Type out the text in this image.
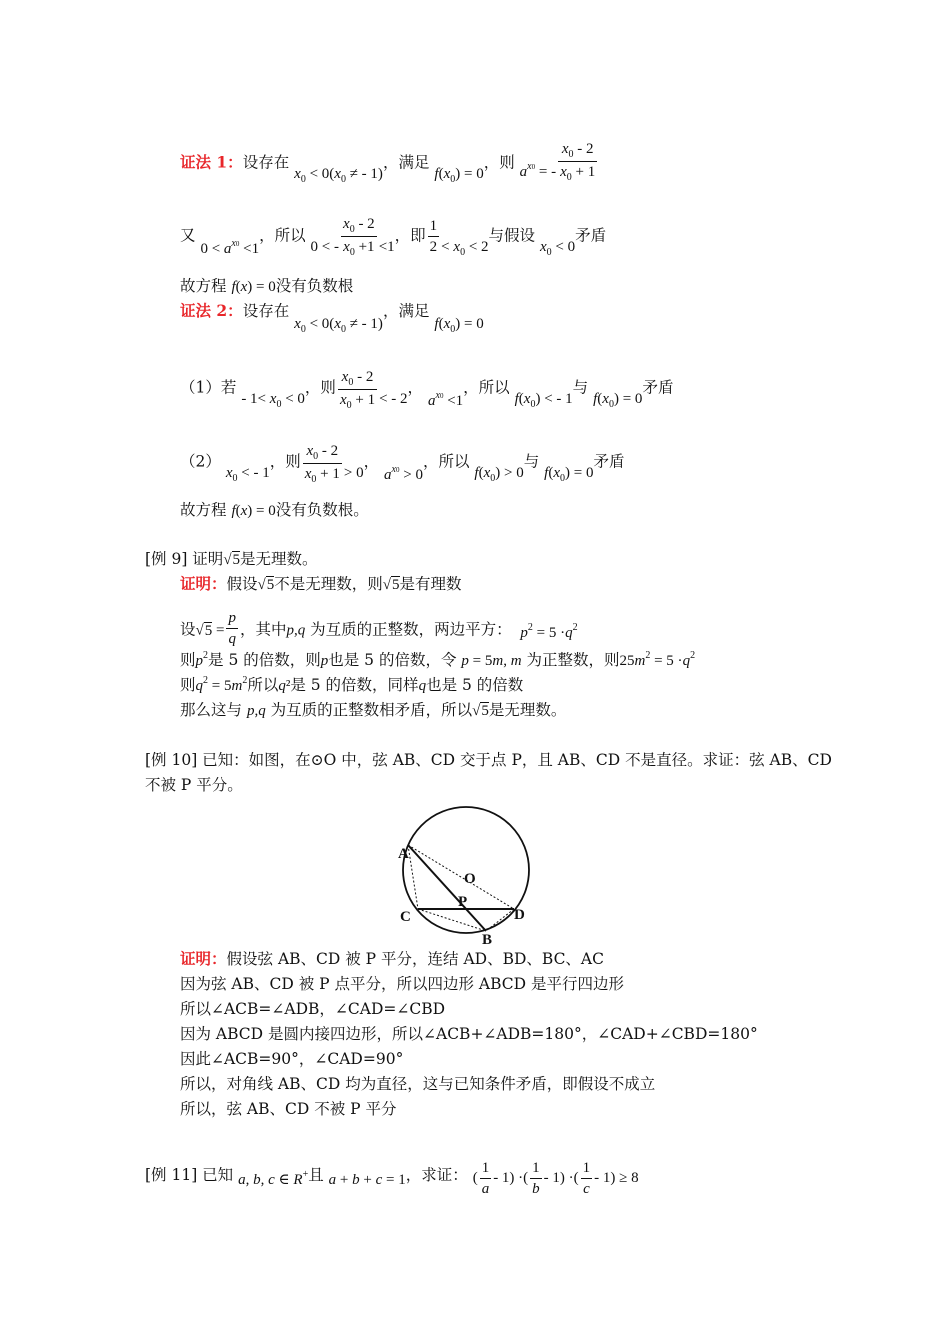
证法 1：设存在 $x_0 < 0(x_0$ ≠ - 1)，满足 $f(x_0) = 0$，则 $a^{x0}$ = - $\frac{x_0 - 2}{x_0 + 1}$
又 $0 < a^{x0} <1$，所以 0 < - $\frac{x_0 - 2}{x_0 +1} <1$，即 $\frac{1}{2} < x_0 < 2$与假设 $x_0 < 0$矛盾
故方程 f(x) = 0没有负数根
证法 2：设存在 $x_0 < 0(x_0$ ≠ - 1)，满足 $f(x_0) = 0$
（1）若 - $1< x_0 < 0$，则 $\frac{x_0 - 2}{x_0 + 1}$ < - 2， $a^{x0} <1$，所以 $f(x_0)$ < - 1与 $f(x_0) = 0$矛盾
（2） $x_0$ < - 1，则 $\frac{x_0 - 2}{x_0 + 1} > 0$， $a^{x0} > 0$，所以 $f(x_0) > 0$与 $f(x_0) = 0$矛盾
故方程 f(x) = 0没有负数根。
[例 9] 证明√5是无理数。
证明：假设√5不是无理数，则√5是有理数
设$√5 = \frac{p}{q}$ ，其中p,q 为互质的正整数，两边平方： $p^2 = 5 \cdot q^2$
则$p^2$是 5 的倍数，则p也是 5 的倍数，令 p = 5m, m 为正整数，则$25m^2 = 5 \cdot q^2$
则$q^2 = 5m^2$所以q²是 5 的倍数，同样q也是 5 的倍数
那么这与 p,q 为互质的正整数相矛盾，所以√5是无理数。
[例 10] 已知：如图，在⊙O 中，弦 AB、CD 交于点 P，且 AB、CD 不是直径。求证：弦 AB、CD
不被 P 平分。
A
O
P
C	D
B
证明：假设弦 AB、CD 被 P 平分，连结 AD、BD、BC、AC
因为弦 AB、CD 被 P 点平分，所以四边形 ABCD 是平行四边形
所以∠ACB=∠ADB，∠CAD=∠CBD
因为 ABCD 是圆内接四边形，所以∠ACB+∠ADB=180°，∠CAD+∠CBD=180°
因此∠ACB=90°，∠CAD=90°
所以，对角线 AB、CD 均为直径，这与已知条件矛盾，即假设不成立
所以，弦 AB、CD 不被 P 平分
[例 11] 已知 a, b, c ∈ R+且 a + b + c = 1，求证： ( $\frac{1}{a} - 1$) ·( $\frac{1}{b} - 1$) ·( $\frac{1}{c} - 1) \ge 8$
